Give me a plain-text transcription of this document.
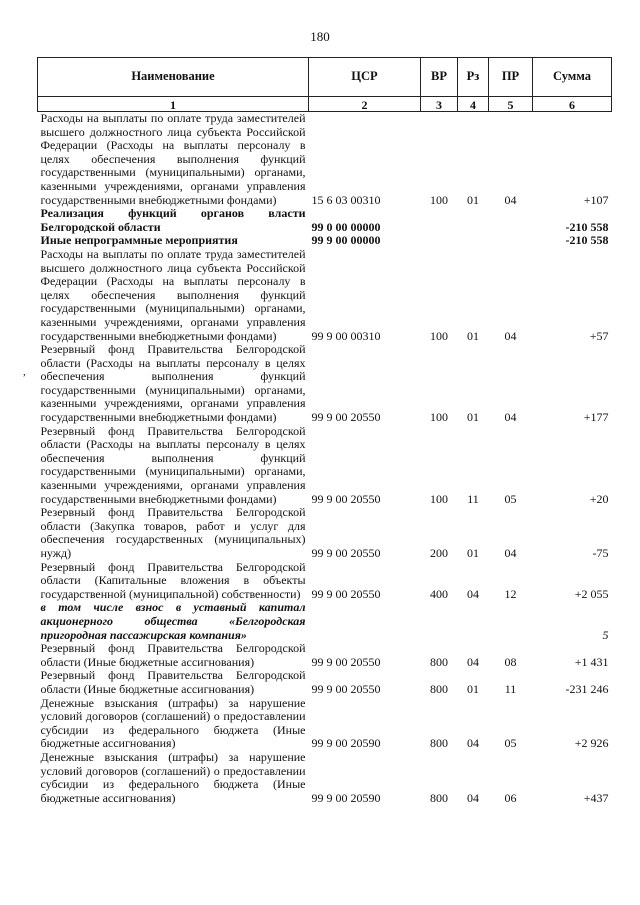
180
,
Наименование	ЦСР	ВР	Рз	ПР	Сумма
1	2	3	4	5	6
Расходы на выплаты по оплате труда заместителей высшего должностного лица субъекта Российской Федерации (Расходы на выплаты персоналу в целях обеспечения выполнения функций государственными (муниципальными) органами, казенными учреждениями, органами управления государственными внебюджетными фондами)	15 6 03 00310	100	01	04	+107
Реализация функций органов власти Белгородской области	99 0 00 00000				-210 558
Иные непрограммные мероприятия	99 9 00 00000				-210 558
Расходы на выплаты по оплате труда заместителей высшего должностного лица субъекта Российской Федерации (Расходы на выплаты персоналу в целях обеспечения выполнения функций государственными (муниципальными) органами, казенными учреждениями, органами управления государственными внебюджетными фондами)	99 9 00 00310	100	01	04	+57
Резервный фонд Правительства Белгородской области (Расходы на выплаты персоналу в целях обеспечения выполнения функций государственными (муниципальными) органами, казенными учреждениями, органами управления государственными внебюджетными фондами)	99 9 00 20550	100	01	04	+177
Резервный фонд Правительства Белгородской области (Расходы на выплаты персоналу в целях обеспечения выполнения функций государственными (муниципальными) органами, казенными учреждениями, органами управления государственными внебюджетными фондами)	99 9 00 20550	100	11	05	+20
Резервный фонд Правительства Белгородской области (Закупка товаров, работ и услуг для обеспечения государственных (муниципальных) нужд)	99 9 00 20550	200	01	04	-75
Резервный фонд Правительства Белгородской области (Капитальные вложения в объекты государственной (муниципальной) собственности)	99 9 00 20550	400	04	12	+2 055
в том числе взнос в уставный капитал акционерного общества «Белгородская пригородная пассажирская компания»					5
Резервный фонд Правительства Белгородской области (Иные бюджетные ассигнования)	99 9 00 20550	800	04	08	+1 431
Резервный фонд Правительства Белгородской области (Иные бюджетные ассигнования)	99 9 00 20550	800	01	11	-231 246
Денежные взыскания (штрафы) за нарушение условий договоров (соглашений) о предоставлении субсидии из федерального бюджета (Иные бюджетные ассигнования)	99 9 00 20590	800	04	05	+2 926
Денежные взыскания (штрафы) за нарушение условий договоров (соглашений) о предоставлении субсидии из федерального бюджета (Иные бюджетные ассигнования)	99 9 00 20590	800	04	06	+437
